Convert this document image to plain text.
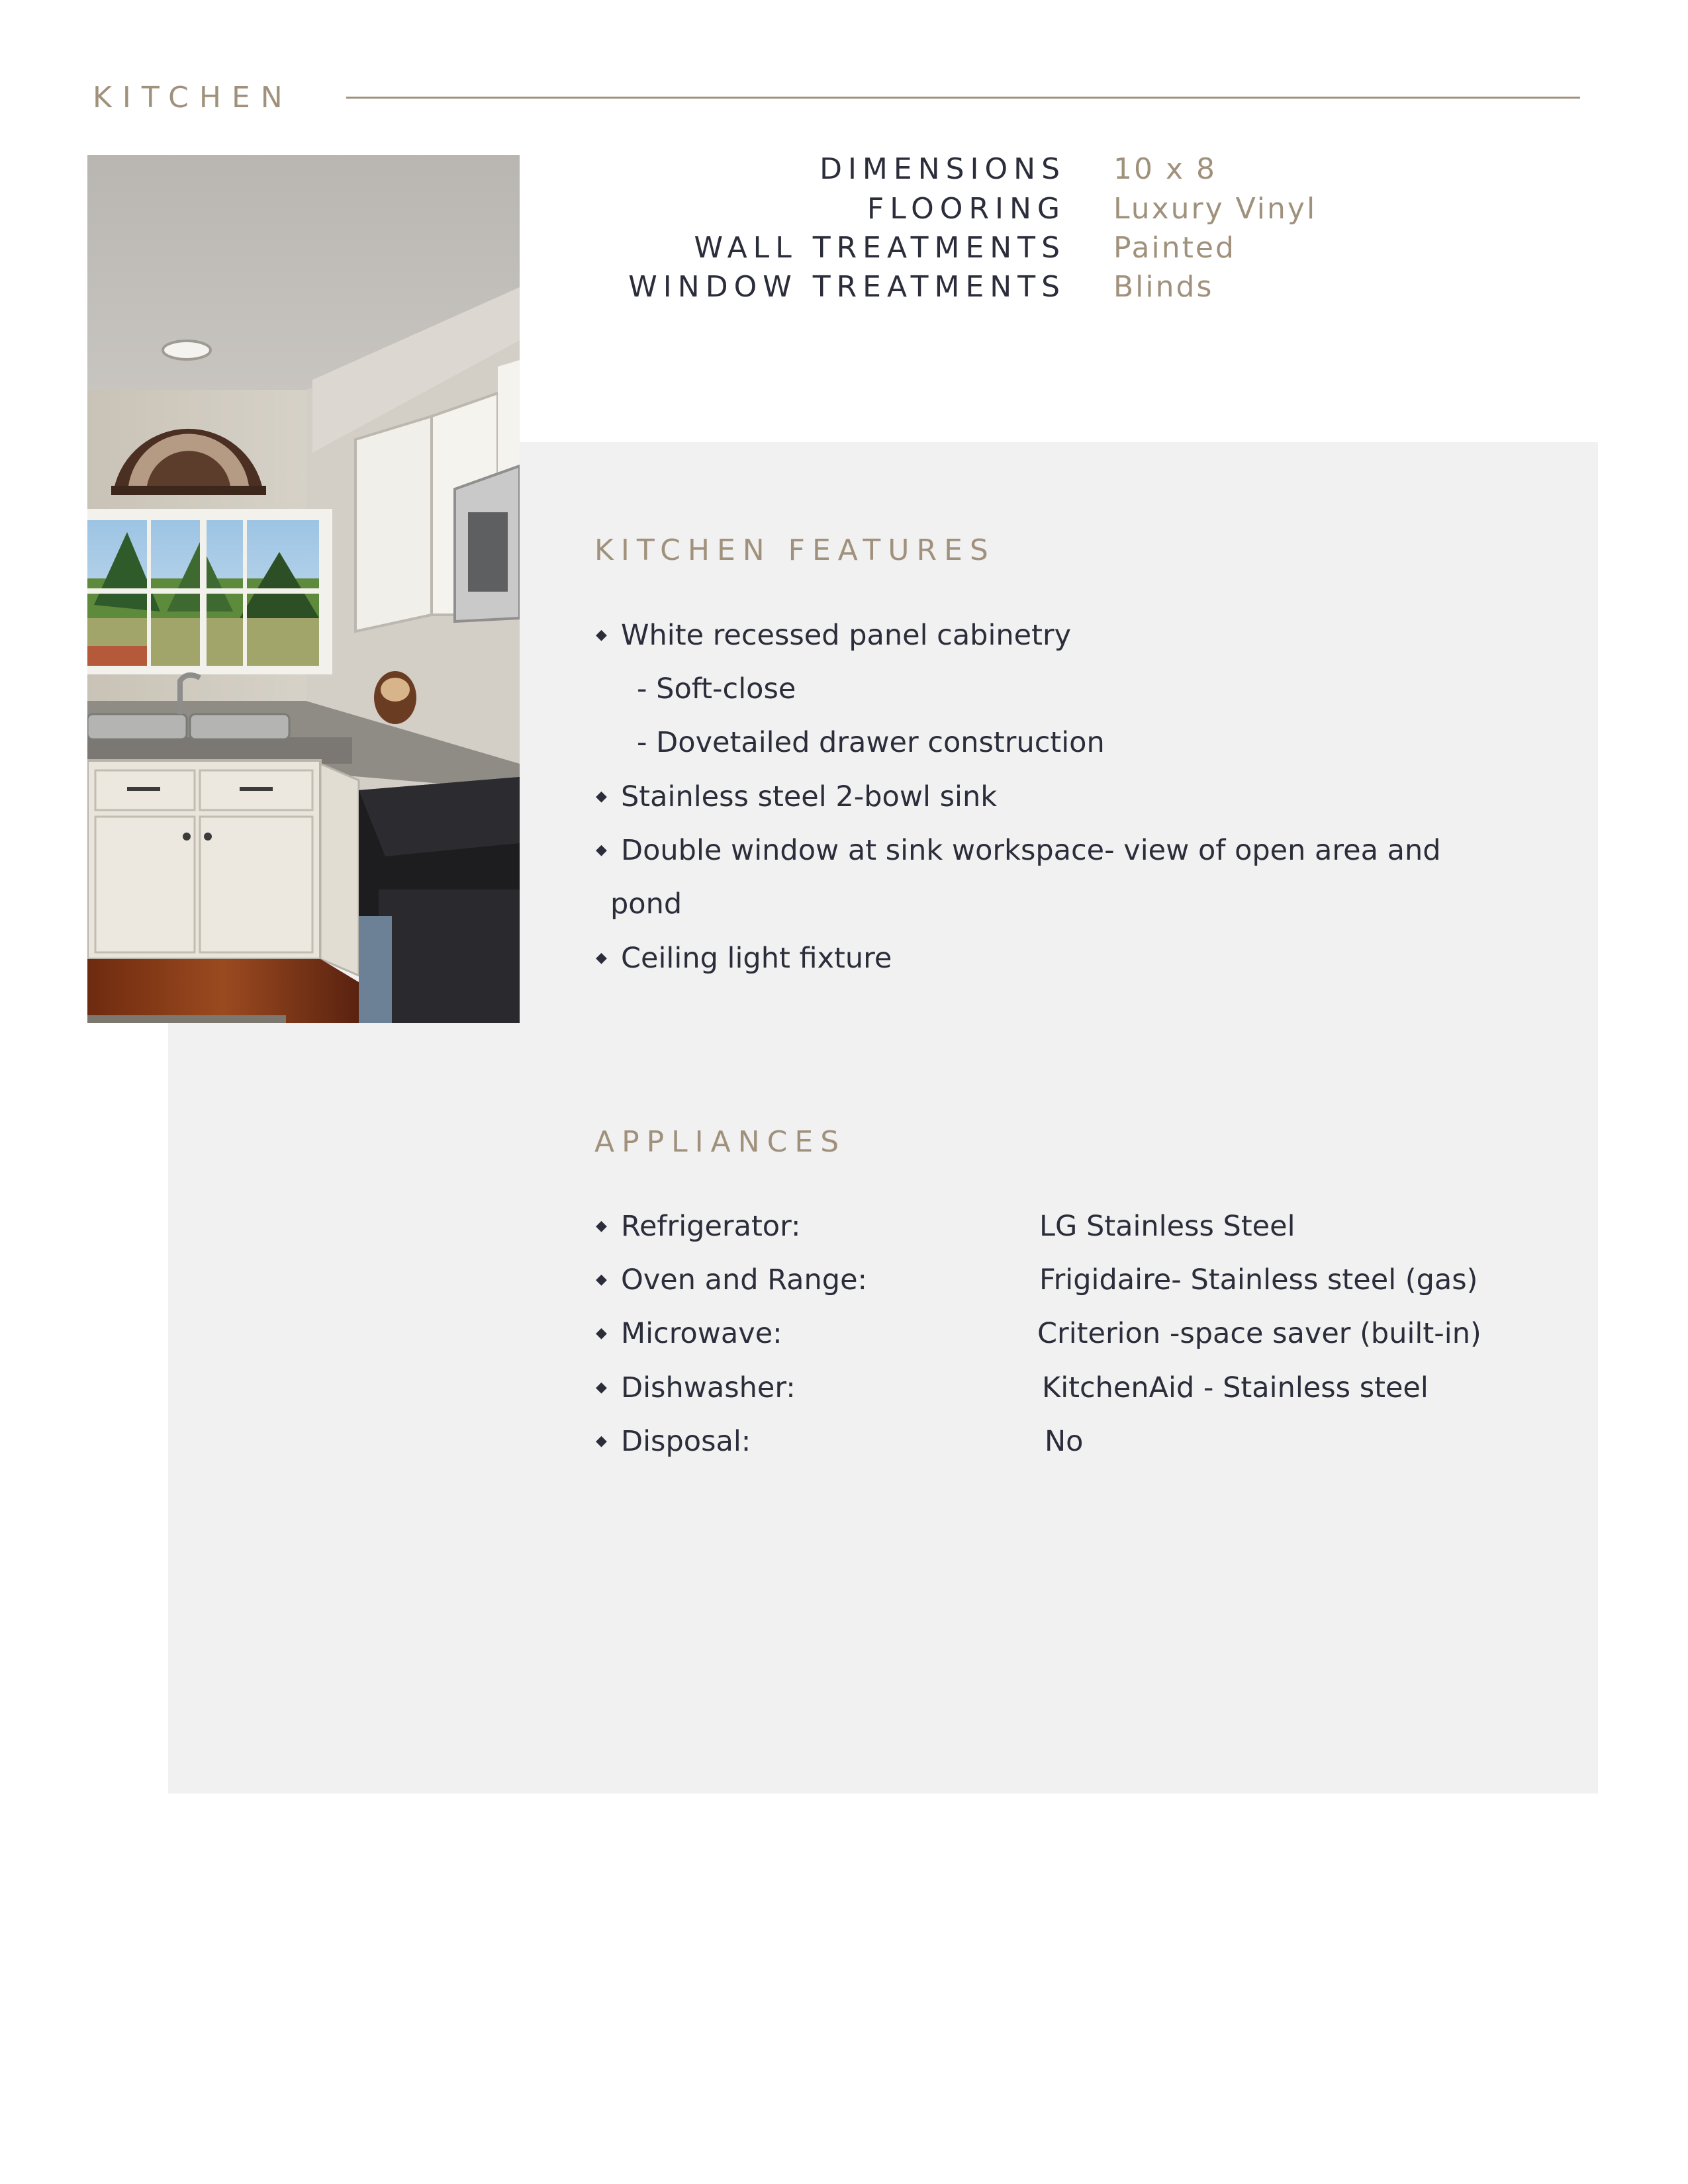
KITCHEN
DIMENSIONS 10 x 8
FLOORING Luxury Vinyl
WALL TREATMENTS Painted
WINDOW TREATMENTS Blinds
KITCHEN FEATURES
◆ White recessed panel cabinetry
- Soft-close
- Dovetailed drawer construction
◆ Stainless steel 2-bowl sink
◆ Double window at sink workspace- view of open area and
pond
◆ Ceiling light fixture
APPLIANCES
◆ Refrigerator:	LG Stainless Steel
◆ Oven and Range:	Frigidaire- Stainless steel (gas)
◆ Microwave:	Criterion -space saver (built-in)
◆ Dishwasher:	KitchenAid - Stainless steel
◆ Disposal:	No
